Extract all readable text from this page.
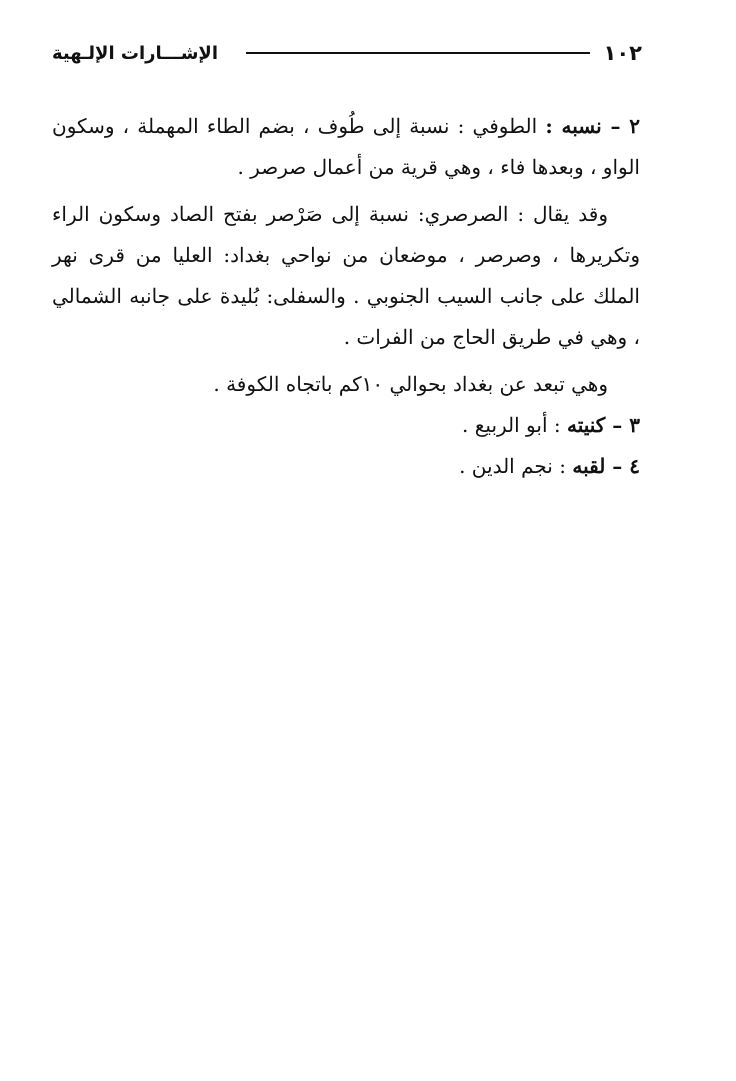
١٠٢
الإشـــارات الإلـهية

٢ – نسبه : الطوفي : نسبة إلى طُوف ، بضم الطاء المهملة ، وسكون الواو ، وبعدها فاء ، وهي قرية من أعمال صرصر .

وقد يقال : الصرصري: نسبة إلى صَرْصر بفتح الصاد وسكون الراء وتكريرها ، وصرصر ، موضعان من نواحي بغداد: العليا من قرى نهر الملك على جانب السيب الجنوبي . والسفلى: بُليدة على جانبه الشمالي ، وهي في طريق الحاج من الفرات .

وهي تبعد عن بغداد بحوالي ١٠كم باتجاه الكوفة .

٣ – كنيته : أبو الربيع .

٤ – لقبه : نجم الدين .
